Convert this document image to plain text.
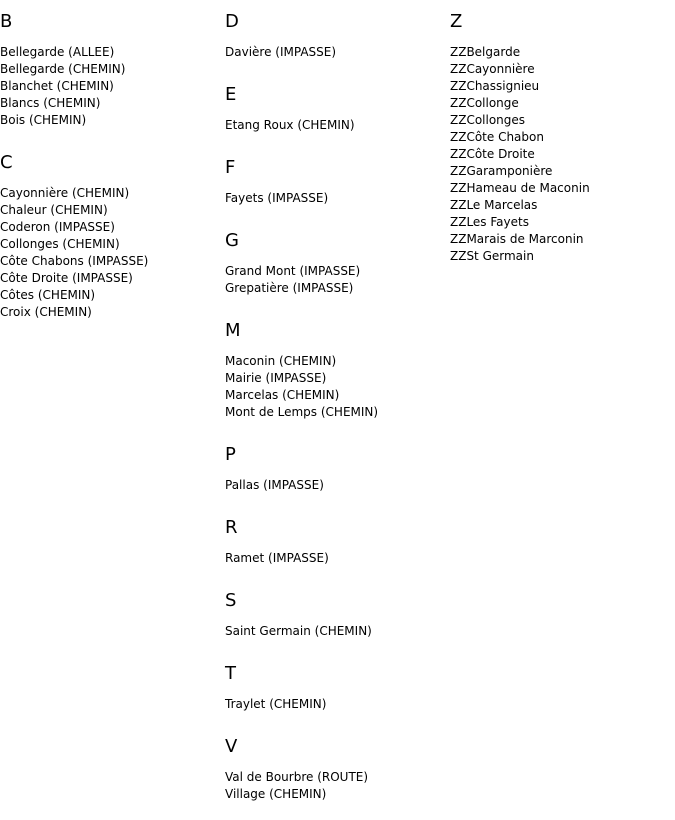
B
Bellegarde (ALLEE)
Bellegarde (CHEMIN)
Blanchet (CHEMIN)
Blancs (CHEMIN)
Bois (CHEMIN)
C
Cayonnière (CHEMIN)
Chaleur (CHEMIN)
Coderon (IMPASSE)
Collonges (CHEMIN)
Côte Chabons (IMPASSE)
Côte Droite (IMPASSE)
Côtes (CHEMIN)
Croix (CHEMIN)
D
Davière (IMPASSE)
E
Etang Roux (CHEMIN)
F
Fayets (IMPASSE)
G
Grand Mont (IMPASSE)
Grepatière (IMPASSE)
M
Maconin (CHEMIN)
Mairie (IMPASSE)
Marcelas (CHEMIN)
Mont de Lemps (CHEMIN)
P
Pallas (IMPASSE)
R
Ramet (IMPASSE)
S
Saint Germain (CHEMIN)
T
Traylet (CHEMIN)
V
Val de Bourbre (ROUTE)
Village (CHEMIN)
Z
ZZBelgarde
ZZCayonnière
ZZChassignieu
ZZCollonge
ZZCollonges
ZZCôte Chabon
ZZCôte Droite
ZZGaramponière
ZZHameau de Maconin
ZZLe Marcelas
ZZLes Fayets
ZZMarais de Marconin
ZZSt Germain
